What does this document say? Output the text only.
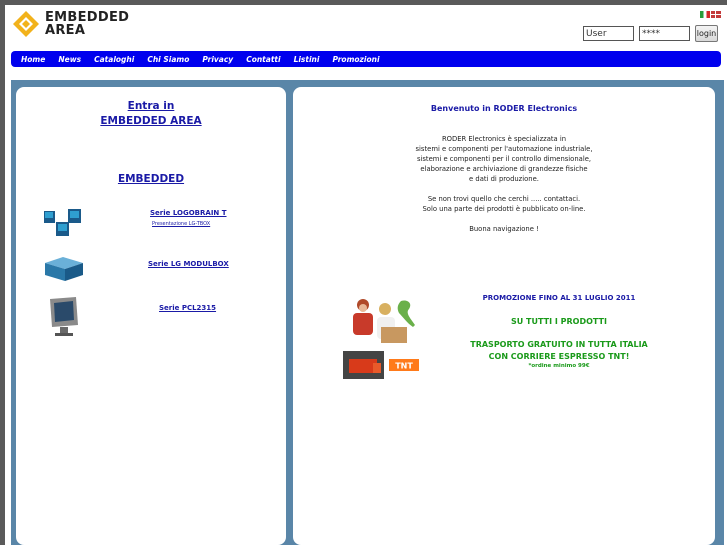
EMBEDDED
AREA
User
****	login
Home News Cataloghi Chi Siamo Privacy Contatti Listini Promozioni
Entra in
EMBEDDED AREA
EMBEDDED
Serie LOGOBRAIN T
Presentazione LG-TBOX
Serie LG MODULBOX
Serie PCL2315
Benvenuto in RODER Electronics
RODER Electronics è specializzata in
sistemi e componenti per l'automazione industriale,
sistemi e componenti per il controllo dimensionale,
elaborazione e archiviazione di grandezze fisiche
e dati di produzione.
Se non trovi quello che cerchi ..... contattaci.
Solo una parte dei prodotti è pubblicato on-line.
Buona navigazione !
TNT
PROMOZIONE FINO AL 31 LUGLIO 2011
SU TUTTI I PRODOTTI
TRASPORTO GRATUITO IN TUTTA ITALIA
CON CORRIERE ESPRESSO TNT!
*ordine minimo 99€
